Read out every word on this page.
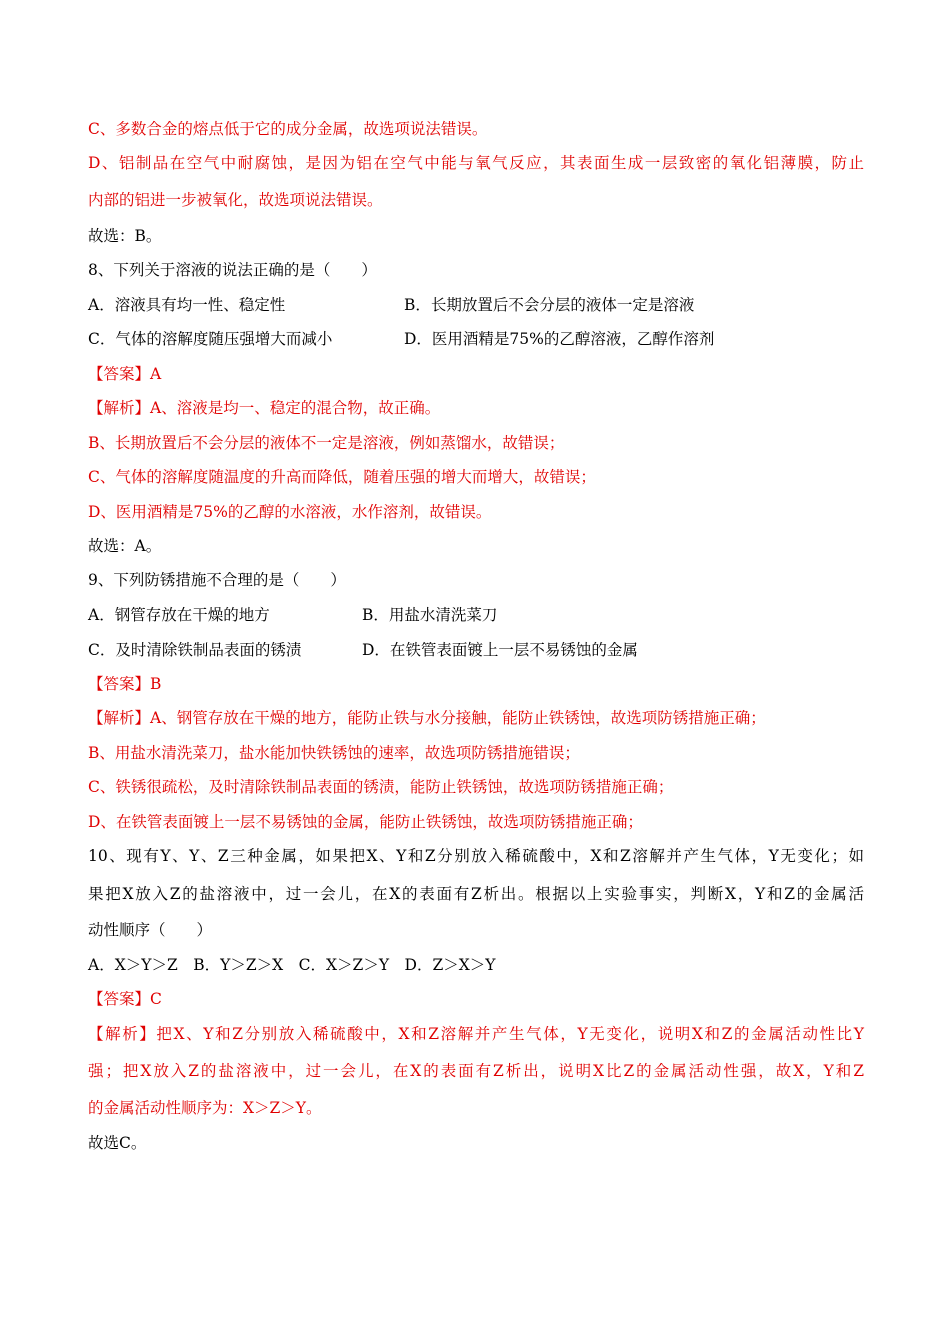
C、多数合金的熔点低于它的成分金属，故选项说法错误。
D、铝制品在空气中耐腐蚀，是因为铝在空气中能与氧气反应，其表面生成一层致密的氧化铝薄膜，防止
内部的铝进一步被氧化，故选项说法错误。
故选：B。
8、下列关于溶液的说法正确的是（　　）
A．溶液具有均一性、稳定性	B．长期放置后不会分层的液体一定是溶液
C．气体的溶解度随压强增大而减小	D．医用酒精是75%的乙醇溶液，乙醇作溶剂
【答案】A
【解析】A、溶液是均一、稳定的混合物，故正确。
B、长期放置后不会分层的液体不一定是溶液，例如蒸馏水，故错误；
C、气体的溶解度随温度的升高而降低，随着压强的增大而增大，故错误；
D、医用酒精是75%的乙醇的水溶液，水作溶剂，故错误。
故选：A。
9、下列防锈措施不合理的是（　　）
A．钢管存放在干燥的地方	B．用盐水清洗菜刀
C．及时清除铁制品表面的锈渍	D．在铁管表面镀上一层不易锈蚀的金属
【答案】B
【解析】A、钢管存放在干燥的地方，能防止铁与水分接触，能防止铁锈蚀，故选项防锈措施正确；
B、用盐水清洗菜刀，盐水能加快铁锈蚀的速率，故选项防锈措施错误；
C、铁锈很疏松，及时清除铁制品表面的锈渍，能防止铁锈蚀，故选项防锈措施正确；
D、在铁管表面镀上一层不易锈蚀的金属，能防止铁锈蚀，故选项防锈措施正确；
10、现有Y、Y、Z三种金属，如果把X、Y和Z分别放入稀硫酸中，X和Z溶解并产生气体，Y无变化；如
果把X放入Z的盐溶液中，过一会儿，在X的表面有Z析出。根据以上实验事实，判断X，Y和Z的金属活
动性顺序（　　）
A．X＞Y＞Z　B．Y＞Z＞X　C．X＞Z＞Y　D．Z＞X＞Y
【答案】C
【解析】把X、Y和Z分别放入稀硫酸中，X和Z溶解并产生气体，Y无变化，说明X和Z的金属活动性比Y
强；把X放入Z的盐溶液中，过一会儿，在X的表面有Z析出，说明X比Z的金属活动性强，故X，Y和Z
的金属活动性顺序为：X＞Z＞Y。
故选C。
